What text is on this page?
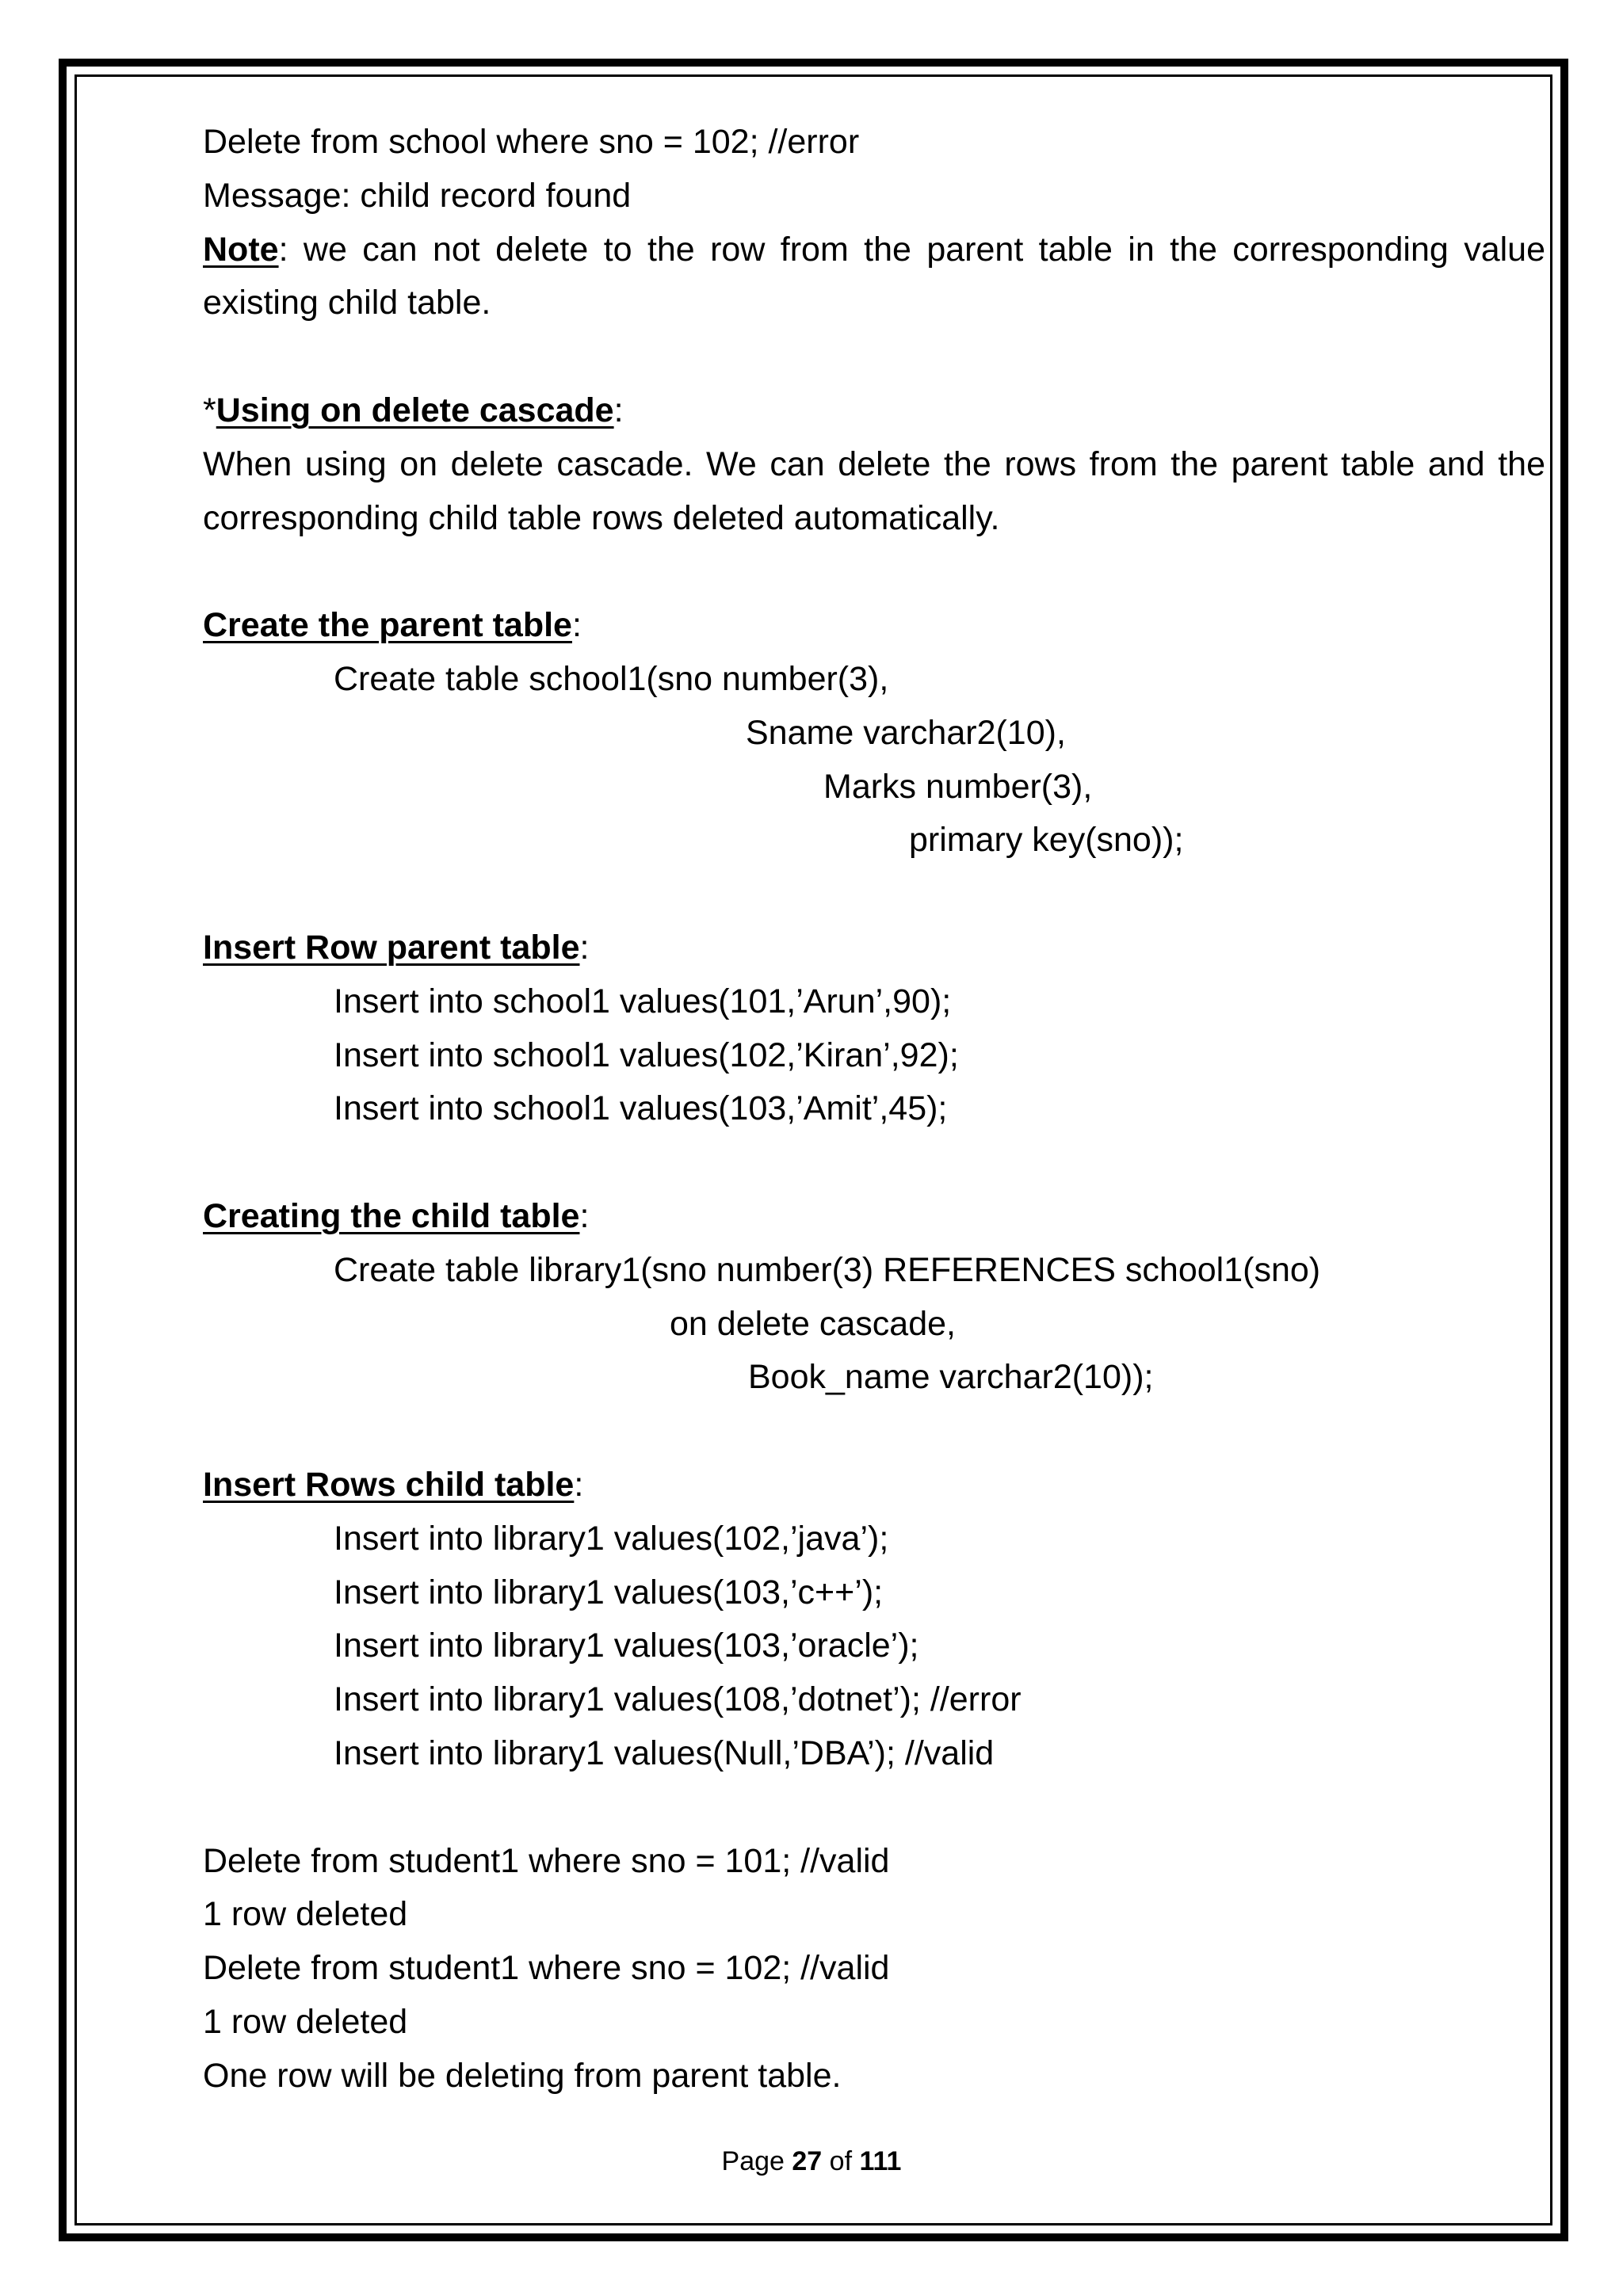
Delete from school where sno = 102; //error
Message: child record found
Note: we can not delete to the row from the parent table in the corresponding value existing child table.
*Using on delete cascade:
When using on delete cascade. We can delete the rows from the parent table and the corresponding child table rows deleted automatically.
Create the parent table:
Create table school1(sno number(3),
Sname varchar2(10),
Marks number(3),
primary key(sno));
Insert Row parent table:
Insert into school1 values(101,’Arun’,90);
Insert into school1 values(102,’Kiran’,92);
Insert into school1 values(103,’Amit’,45);
Creating the child table:
Create table library1(sno number(3) REFERENCES school1(sno)
on delete cascade,
Book_name varchar2(10));
Insert Rows child table:
Insert into library1 values(102,’java’);
Insert into library1 values(103,’c++’);
Insert into library1 values(103,’oracle’);
Insert into library1 values(108,’dotnet’); //error
Insert into library1 values(Null,’DBA’); //valid
Delete from student1 where sno = 101; //valid
1 row deleted
Delete from student1 where sno = 102; //valid
1 row deleted
One row will be deleting from parent table.
Page 27 of 111
